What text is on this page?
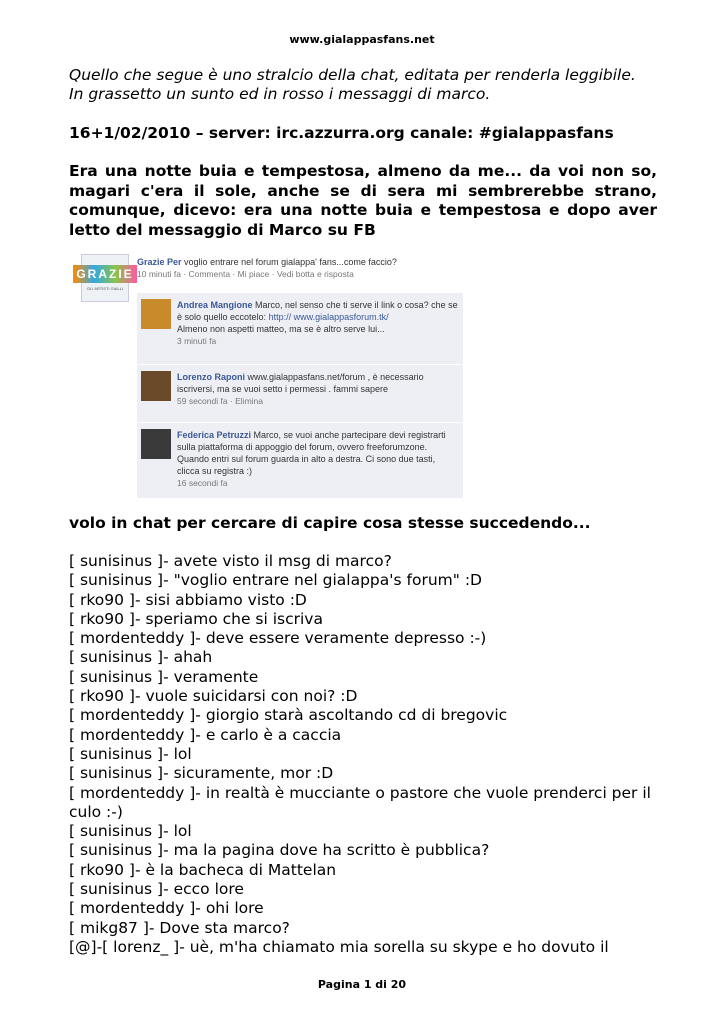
www.gialappasfans.net

Quello che segue è uno stralcio della chat, editata per renderla leggibile.
In grassetto un sunto ed in rosso i messaggi di marco.

16+1/02/2010 – server: irc.azzurra.org canale: #gialappasfans

Era una notte buia e tempestosa, almeno da me... da voi non so, magari c'era il sole, anche se di sera mi sembrerebbe strano, comunque, dicevo: era una notte buia e tempestosa e dopo aver letto del messaggio di Marco su FB

GRAZIE
GLI ARTISTI GIALLI
Grazie Per voglio entrare nel forum gialappa' fans...come faccio?
10 minuti fa · Commenta · Mi piace · Vedi botta e risposta
Andrea Mangione Marco, nel senso che ti serve il link o cosa? che se è solo quello eccotelo: http:// www.gialappasforum.tk/
Almeno non aspetti matteo, ma se è altro serve lui...
3 minuti fa
Lorenzo Raponi www.gialappasfans.net/forum , è necessario iscriversi, ma se vuoi setto i permessi . fammi sapere
59 secondi fa · Elimina
Federica Petruzzi Marco, se vuoi anche partecipare devi registrarti sulla piattaforma di appoggio del forum, ovvero freeforumzone. Quando entri sul forum guarda in alto a destra. Ci sono due tasti, clicca su registra :)
16 secondi fa

volo in chat per cercare di capire cosa stesse succedendo...

[ sunisinus ]- avete visto il msg di marco?
[ sunisinus ]- "voglio entrare nel gialappa's forum" :D
[ rko90 ]- sisi abbiamo visto :D
[ rko90 ]- speriamo che si iscriva
[ mordenteddy ]- deve essere veramente depresso :-)
[ sunisinus ]- ahah
[ sunisinus ]- veramente
[ rko90 ]- vuole suicidarsi con noi? :D
[ mordenteddy ]- giorgio starà ascoltando cd di bregovic
[ mordenteddy ]- e carlo è a caccia
[ sunisinus ]- lol
[ sunisinus ]- sicuramente, mor :D
[ mordenteddy ]- in realtà è mucciante o pastore che vuole prenderci per il culo :-)
[ sunisinus ]- lol
[ sunisinus ]- ma la pagina dove ha scritto è pubblica?
[ rko90 ]- è la bacheca di Mattelan
[ sunisinus ]- ecco lore
[ mordenteddy ]- ohi lore
[ mikg87 ]- Dove sta marco?
[@]-[ lorenz_ ]- uè, m'ha chiamato mia sorella su skype e ho dovuto il
Pagina 1 di 20
